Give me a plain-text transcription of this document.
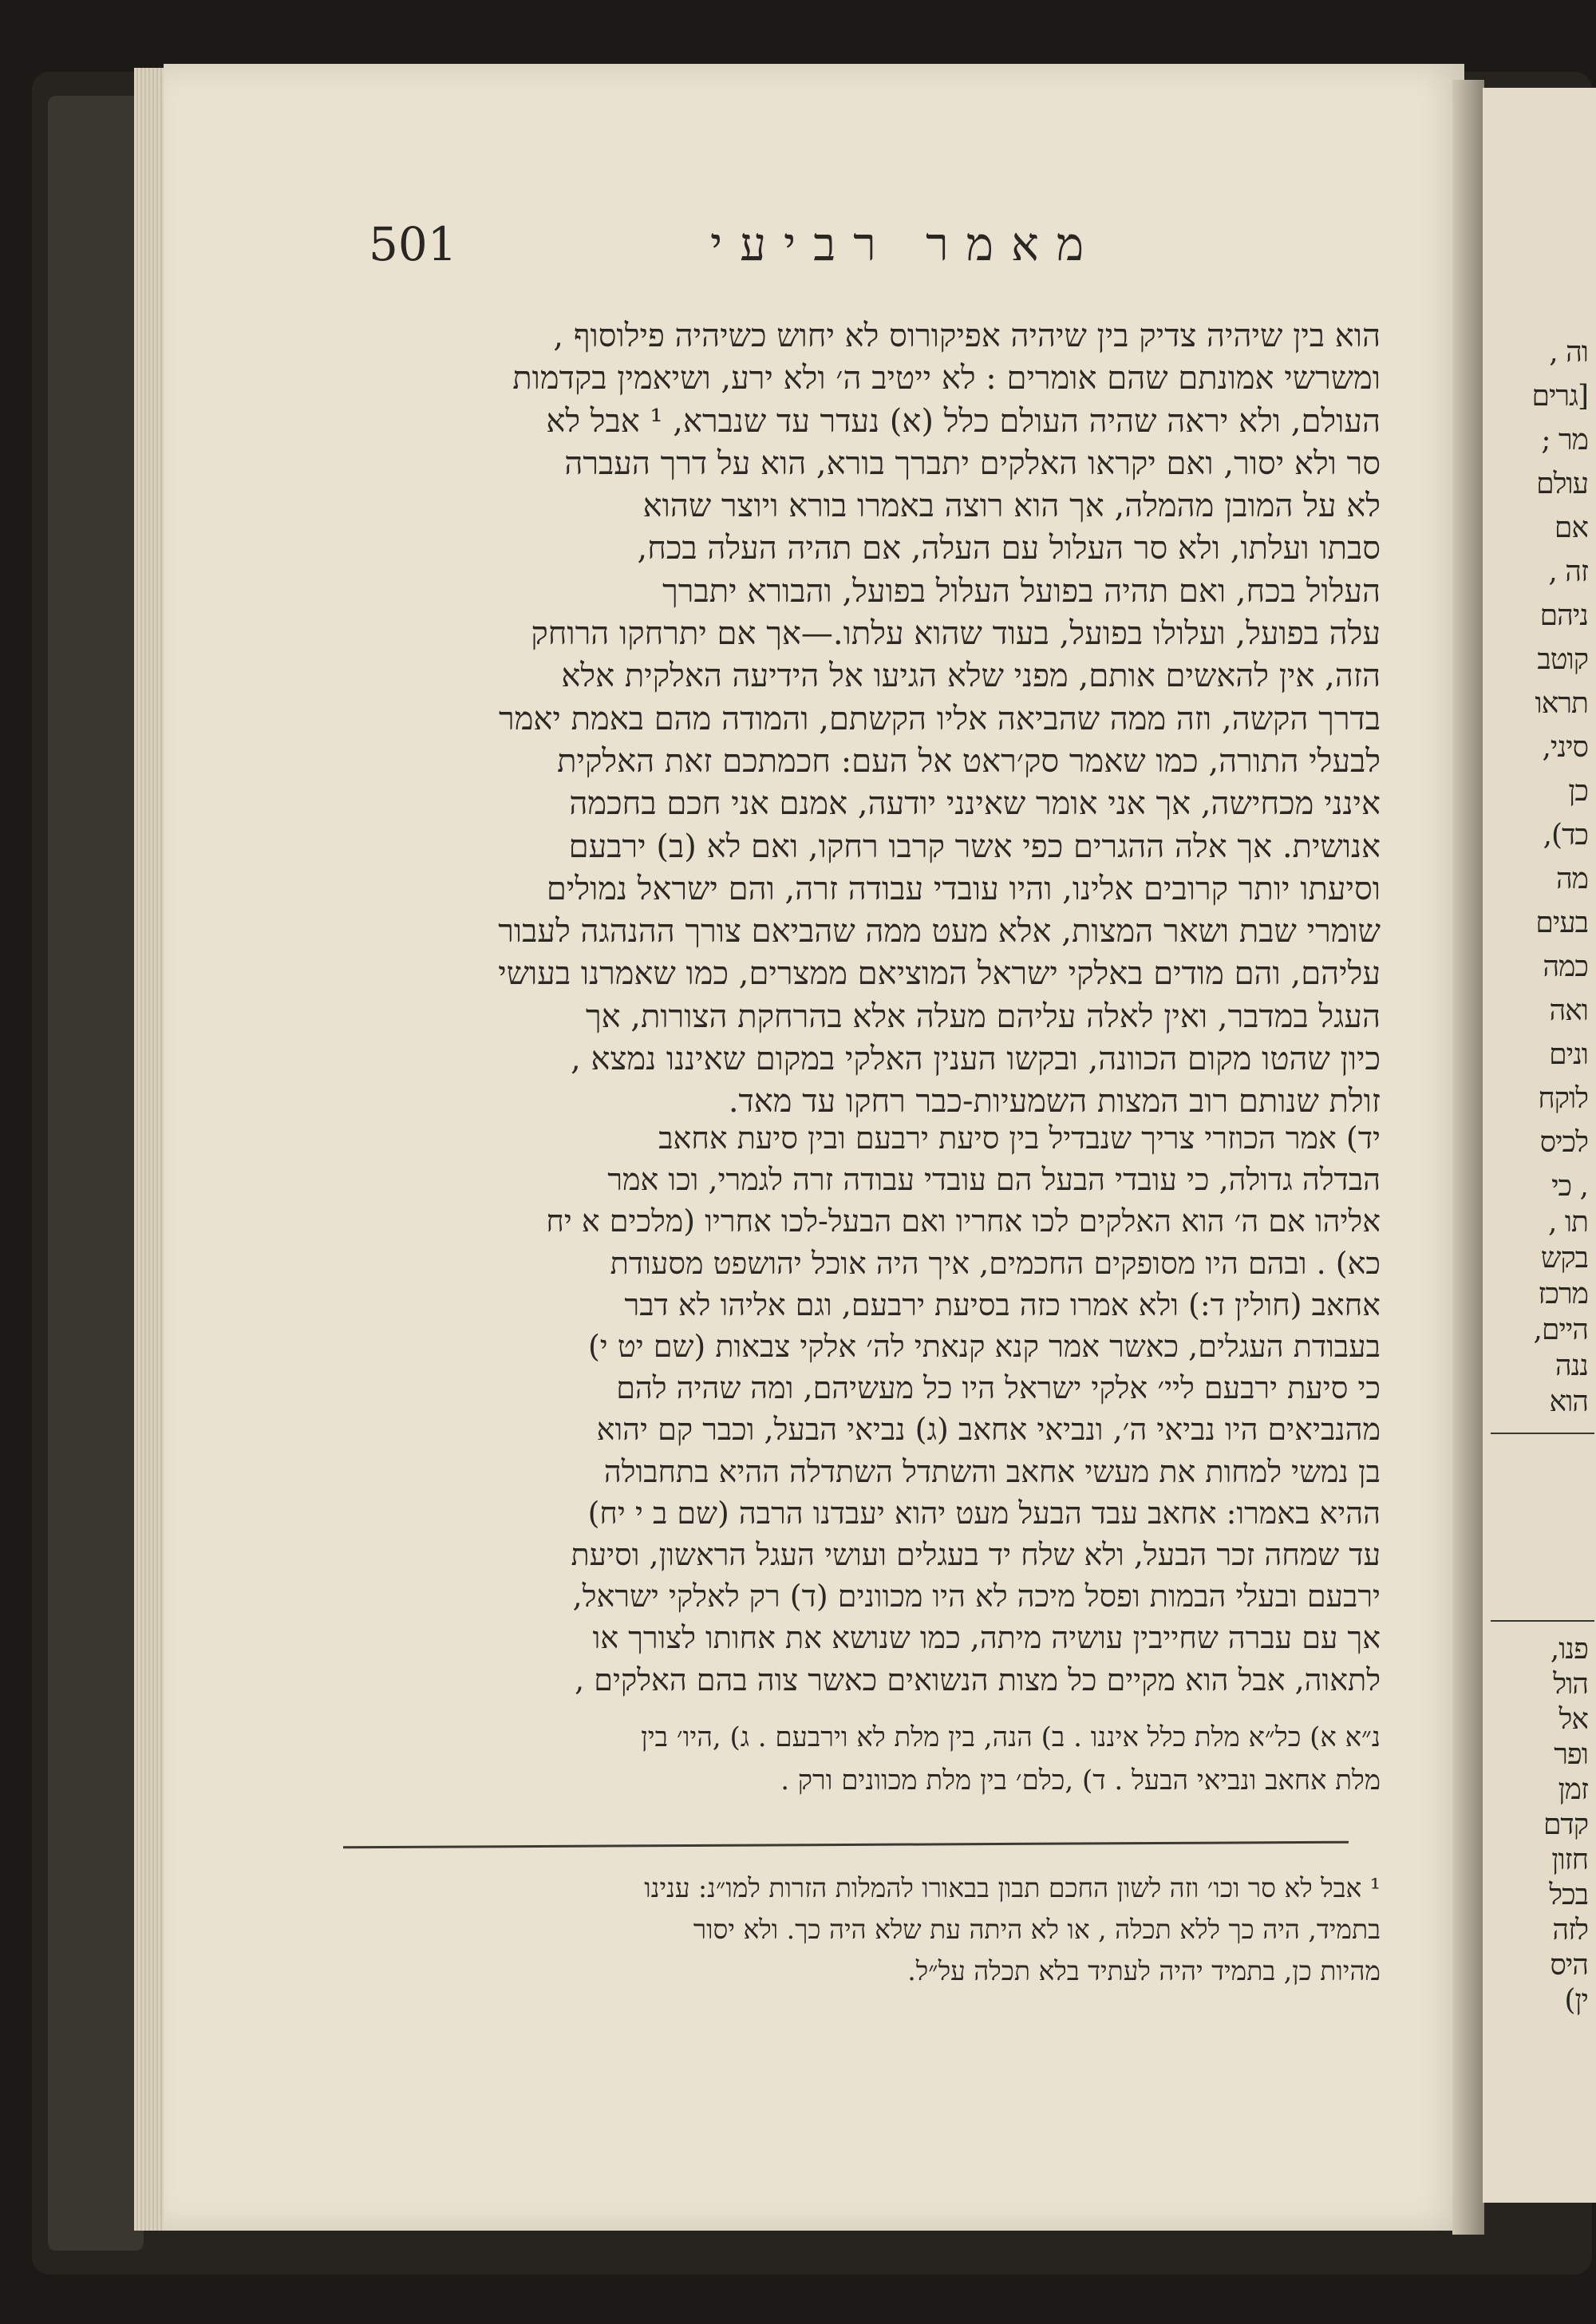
וה ,
[גרים
מר ;
עולם
אם
זה ,
ניהם
קוטב
תראו
סיני,
כן
כד),
מה
בעים
כמה
ואה
ונים
לוקח
לכיס
, כי
תו ,
בקש
מרכז
היים,
ננה
הוא
פנו,
הול
אל
ופר
זמן
קדם
חזון
בכל
לזה
היס
ין)
501	מאמר רביעי
הוא בין שיהיה צדיק בין שיהיה אפיקורוס לא יחוש כשיהיה פילוסוף ,
ומשרשי אמונתם שהם אומרים : לא ייטיב ה׳ ולא ירע, ושיאמין בקדמות
העולם, ולא יראה שהיה העולם כלל (א) נעדר עד שנברא, ¹ אבל לא
סר ולא יסור, ואם יקראו האלקים יתברך בורא, הוא על דרך העברה
לא על המובן מהמלה, אך הוא רוצה באמרו בורא ויוצר שהוא
סבתו ועלתו, ולא סר העלול עם העלה, אם תהיה העלה בכח,
העלול בכח, ואם תהיה בפועל העלול בפועל, והבורא יתברך
עלה בפועל, ועלולו בפועל, בעוד שהוא עלתו.—אך אם יתרחקו הרוחק
הזה, אין להאשים אותם, מפני שלא הגיעו אל הידיעה האלקית אלא
בדרך הקשה, וזה ממה שהביאה אליו הקשתם, והמודה מהם באמת יאמר
לבעלי התורה, כמו שאמר סק׳ראט אל העם: חכמתכם זאת האלקית
אינני מכחישה, אך אני אומר שאינני יודעה, אמנם אני חכם בחכמה
אנושית. אך אלה ההגרים כפי אשר קרבו רחקו, ואם לא (ב) ירבעם
וסיעתו יותר קרובים אלינו, והיו עובדי עבודה זרה, והם ישראל נמולים
שומרי שבת ושאר המצות, אלא מעט ממה שהביאם צורך ההנהגה לעבור
עליהם, והם מודים באלקי ישראל המוציאם ממצרים, כמו שאמרנו בעושי
העגל במדבר, ואין לאלה עליהם מעלה אלא בהרחקת הצורות, אך
כיון שהטו מקום הכוונה, ובקשו הענין האלקי במקום שאיננו נמצא ,
זולת שנותם רוב המצות השמעיות-כבר רחקו עד מאד.
יד) אמר הכוזרי צריך שנבדיל בין סיעת ירבעם ובין סיעת אחאב
הבדלה גדולה, כי עובדי הבעל הם עובדי עבודה זרה לגמרי, וכו אמר
אליהו אם ה׳ הוא האלקים לכו אחריו ואם הבעל-לכו אחריו (מלכים א יח
כא) . ובהם היו מסופקים החכמים, איך היה אוכל יהושפט מסעודת
אחאב (חולין ד:) ולא אמרו כזה בסיעת ירבעם, וגם אליהו לא דבר
בעבודת העגלים, כאשר אמר קנא קנאתי לה׳ אלקי צבאות (שם יט י)
כי סיעת ירבעם ליי׳ אלקי ישראל היו כל מעשיהם, ומה שהיה להם
מהנביאים היו נביאי ה׳, ונביאי אחאב (ג) נביאי הבעל, וכבר קם יהוא
בן נמשי למחות את מעשי אחאב והשתדל השתדלה ההיא בתחבולה
ההיא באמרו: אחאב עבד הבעל מעט יהוא יעבדנו הרבה (שם ב י יח)
עד שמחה זכר הבעל, ולא שלח יד בעגלים ועושי העגל הראשון, וסיעת
ירבעם ובעלי הבמות ופסל מיכה לא היו מכוונים (ד) רק לאלקי ישראל,
אך עם עברה שחייבין עושיה מיתה, כמו שנושא את אחותו לצורך או
לתאוה, אבל הוא מקיים כל מצות הנשואים כאשר צוה בהם האלקים ,
נ״א א) כל״א מלת כלל איננו . ב) הנה, בין מלת לא וירבעם . ג) ,היו׳ בין
מלת אחאב ונביאי הבעל . ד) ,כלם׳ בין מלת מכוונים ורק .
¹ אבל לא סר וכו׳ וזה לשון החכם תבון בבאורו להמלות הזרות למו״נ: ענינו
בתמיד, היה כך ללא תכלה , או לא היתה עת שלא היה כך. ולא יסור
מהיות כן, בתמיד יהיה לעתיד בלא תכלה על״ל.
